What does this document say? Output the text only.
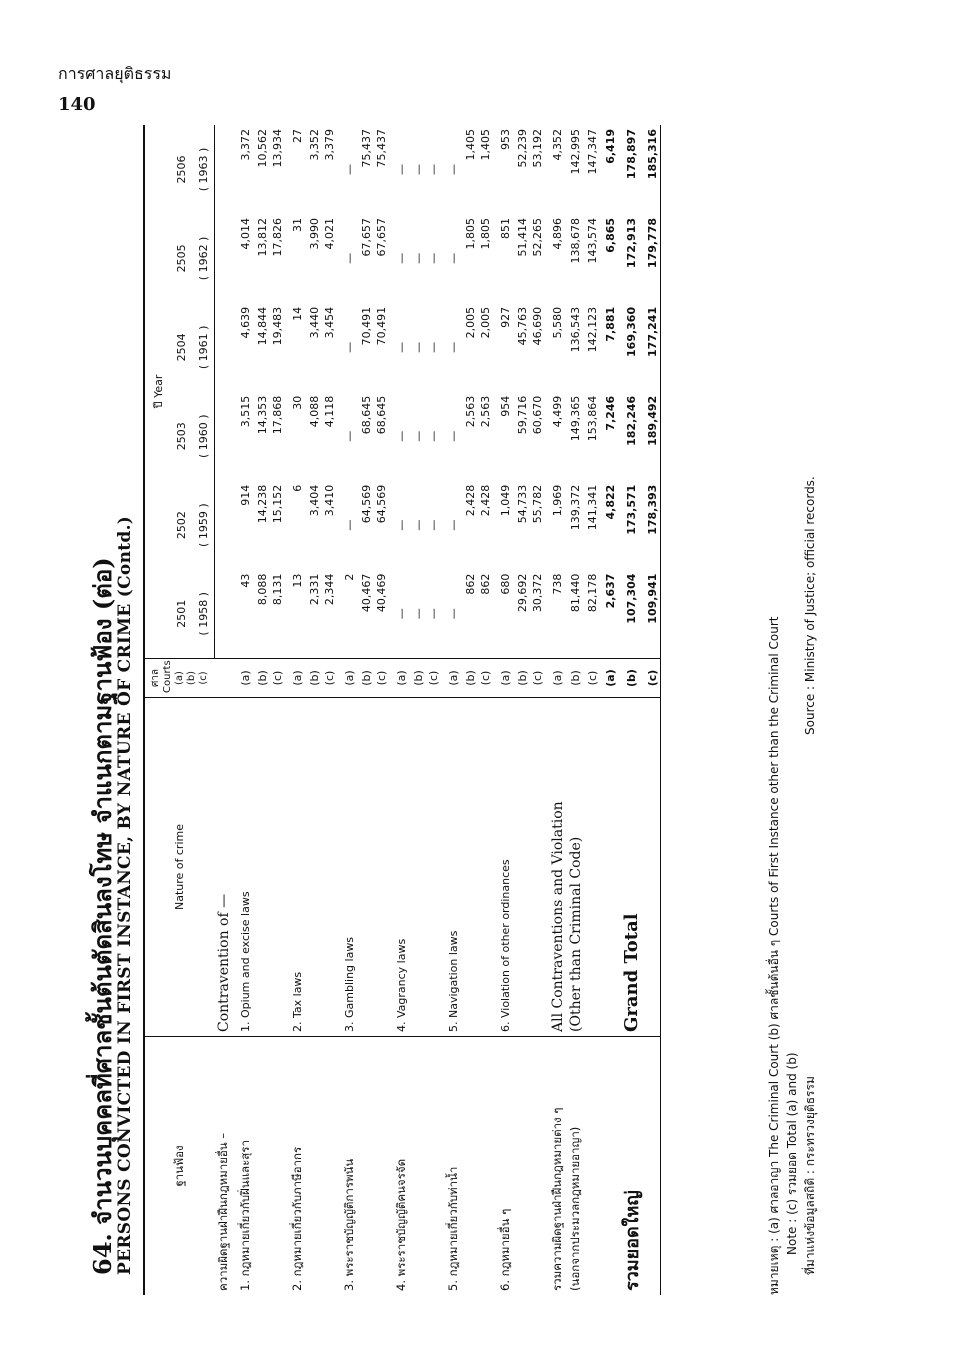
การศาลยุติธรรม
140
64. จำนวนบุคคลที่ศาลชั้นต้นตัดสินลงโทษ จำแนกตามฐานฟ้อง (ต่อ)
PERSONS CONVICTED IN FIRST INSTANCE, BY NATURE OF CRIME (Contd.)	ฐานฟ้อง	Nature of crime	ศาล Courts (a)
(b)
(c)	ปี Year					
			2501	2502	2503	2504	2505	2506
			( 1958 )	( 1959 )	( 1960 )	( 1961 )	( 1962 )	( 1963 )
ความผิดฐานฝ่าฝืนกฎหมายอื่น –	Contravention of —							
1. กฎหมายเกี่ยวกับฝิ่นและสุรา	1. Opium and excise laws	(a)	43	914	3,515	4,639	4,014	3,372
		(b)	8,088	14,238	14,353	14,844	13,812	10,562
		(c)	8,131	15,152	17,868	19,483	17,826	13,934
2. กฎหมายเกี่ยวกับภาษีอากร	2. Tax laws	(a)	13	6	30	14	31	27
		(b)	2,331	3,404	4,088	3,440	3,990	3,352
		(c)	2,344	3,410	4,118	3,454	4,021	3,379
3. พระราชบัญญัติการพนัน	3. Gambling laws	(a)	2	—	—	—	—	—
		(b)	40,467	64,569	68,645	70,491	67,657	75,437
		(c)	40,469	64,569	68,645	70,491	67,657	75,437
4. พระราชบัญญัติคนจรจัด	4. Vagrancy laws	(a)	—	—	—	—	—	—
		(b)	—	—	—	—	—	—
		(c)	—	—	—	—	—	—
5. กฎหมายเกี่ยวกับท่าน้ำ	5. Navigation laws	(a)	—	—	—	—	—	—
		(b)	862	2,428	2,563	2,005	1,805	1,405
		(c)	862	2,428	2,563	2,005	1,805	1,405
6. กฎหมายอื่น ๆ	6. Violation of other ordinances	(a)	680	1,049	954	927	851	953
		(b)	29,692	54,733	59,716	45,763	51,414	52,239
		(c)	30,372	55,782	60,670	46,690	52,265	53,192
รวมความผิดฐานฝ่าฝืนกฎหมายต่าง ๆ	All Contraventions and Violation	(a)	738	1,969	4,499	5,580	4,896	4,352
(นอกจากประมวลกฎหมายอาญา)	(Other than Criminal Code)	(b)	81,440	139,372	149,365	136,543	138,678	142,995
		(c)	82,178	141,341	153,864	142,123	143,574	147,347
		(a)	2,637	4,822	7,246	7,881	6,865	6,419
รวมยอดใหญ่	Grand Total	(b)	107,304	173,571	182,246	169,360	172,913	178,897
		(c)	109,941	178,393	189,492	177,241	179,778	185,316
หมายเหตุ : (a) ศาลอาญา The Criminal Court (b) ศาลชั้นต้นอื่น ๆ Courts of First Instance other than the Criminal Court Note : (c) รวมยอด Total (a) and (b) ที่มาแห่งข้อมูลสถิติ : กระทรวงยุติธรรม
Source : Ministry of Justice; official records.
